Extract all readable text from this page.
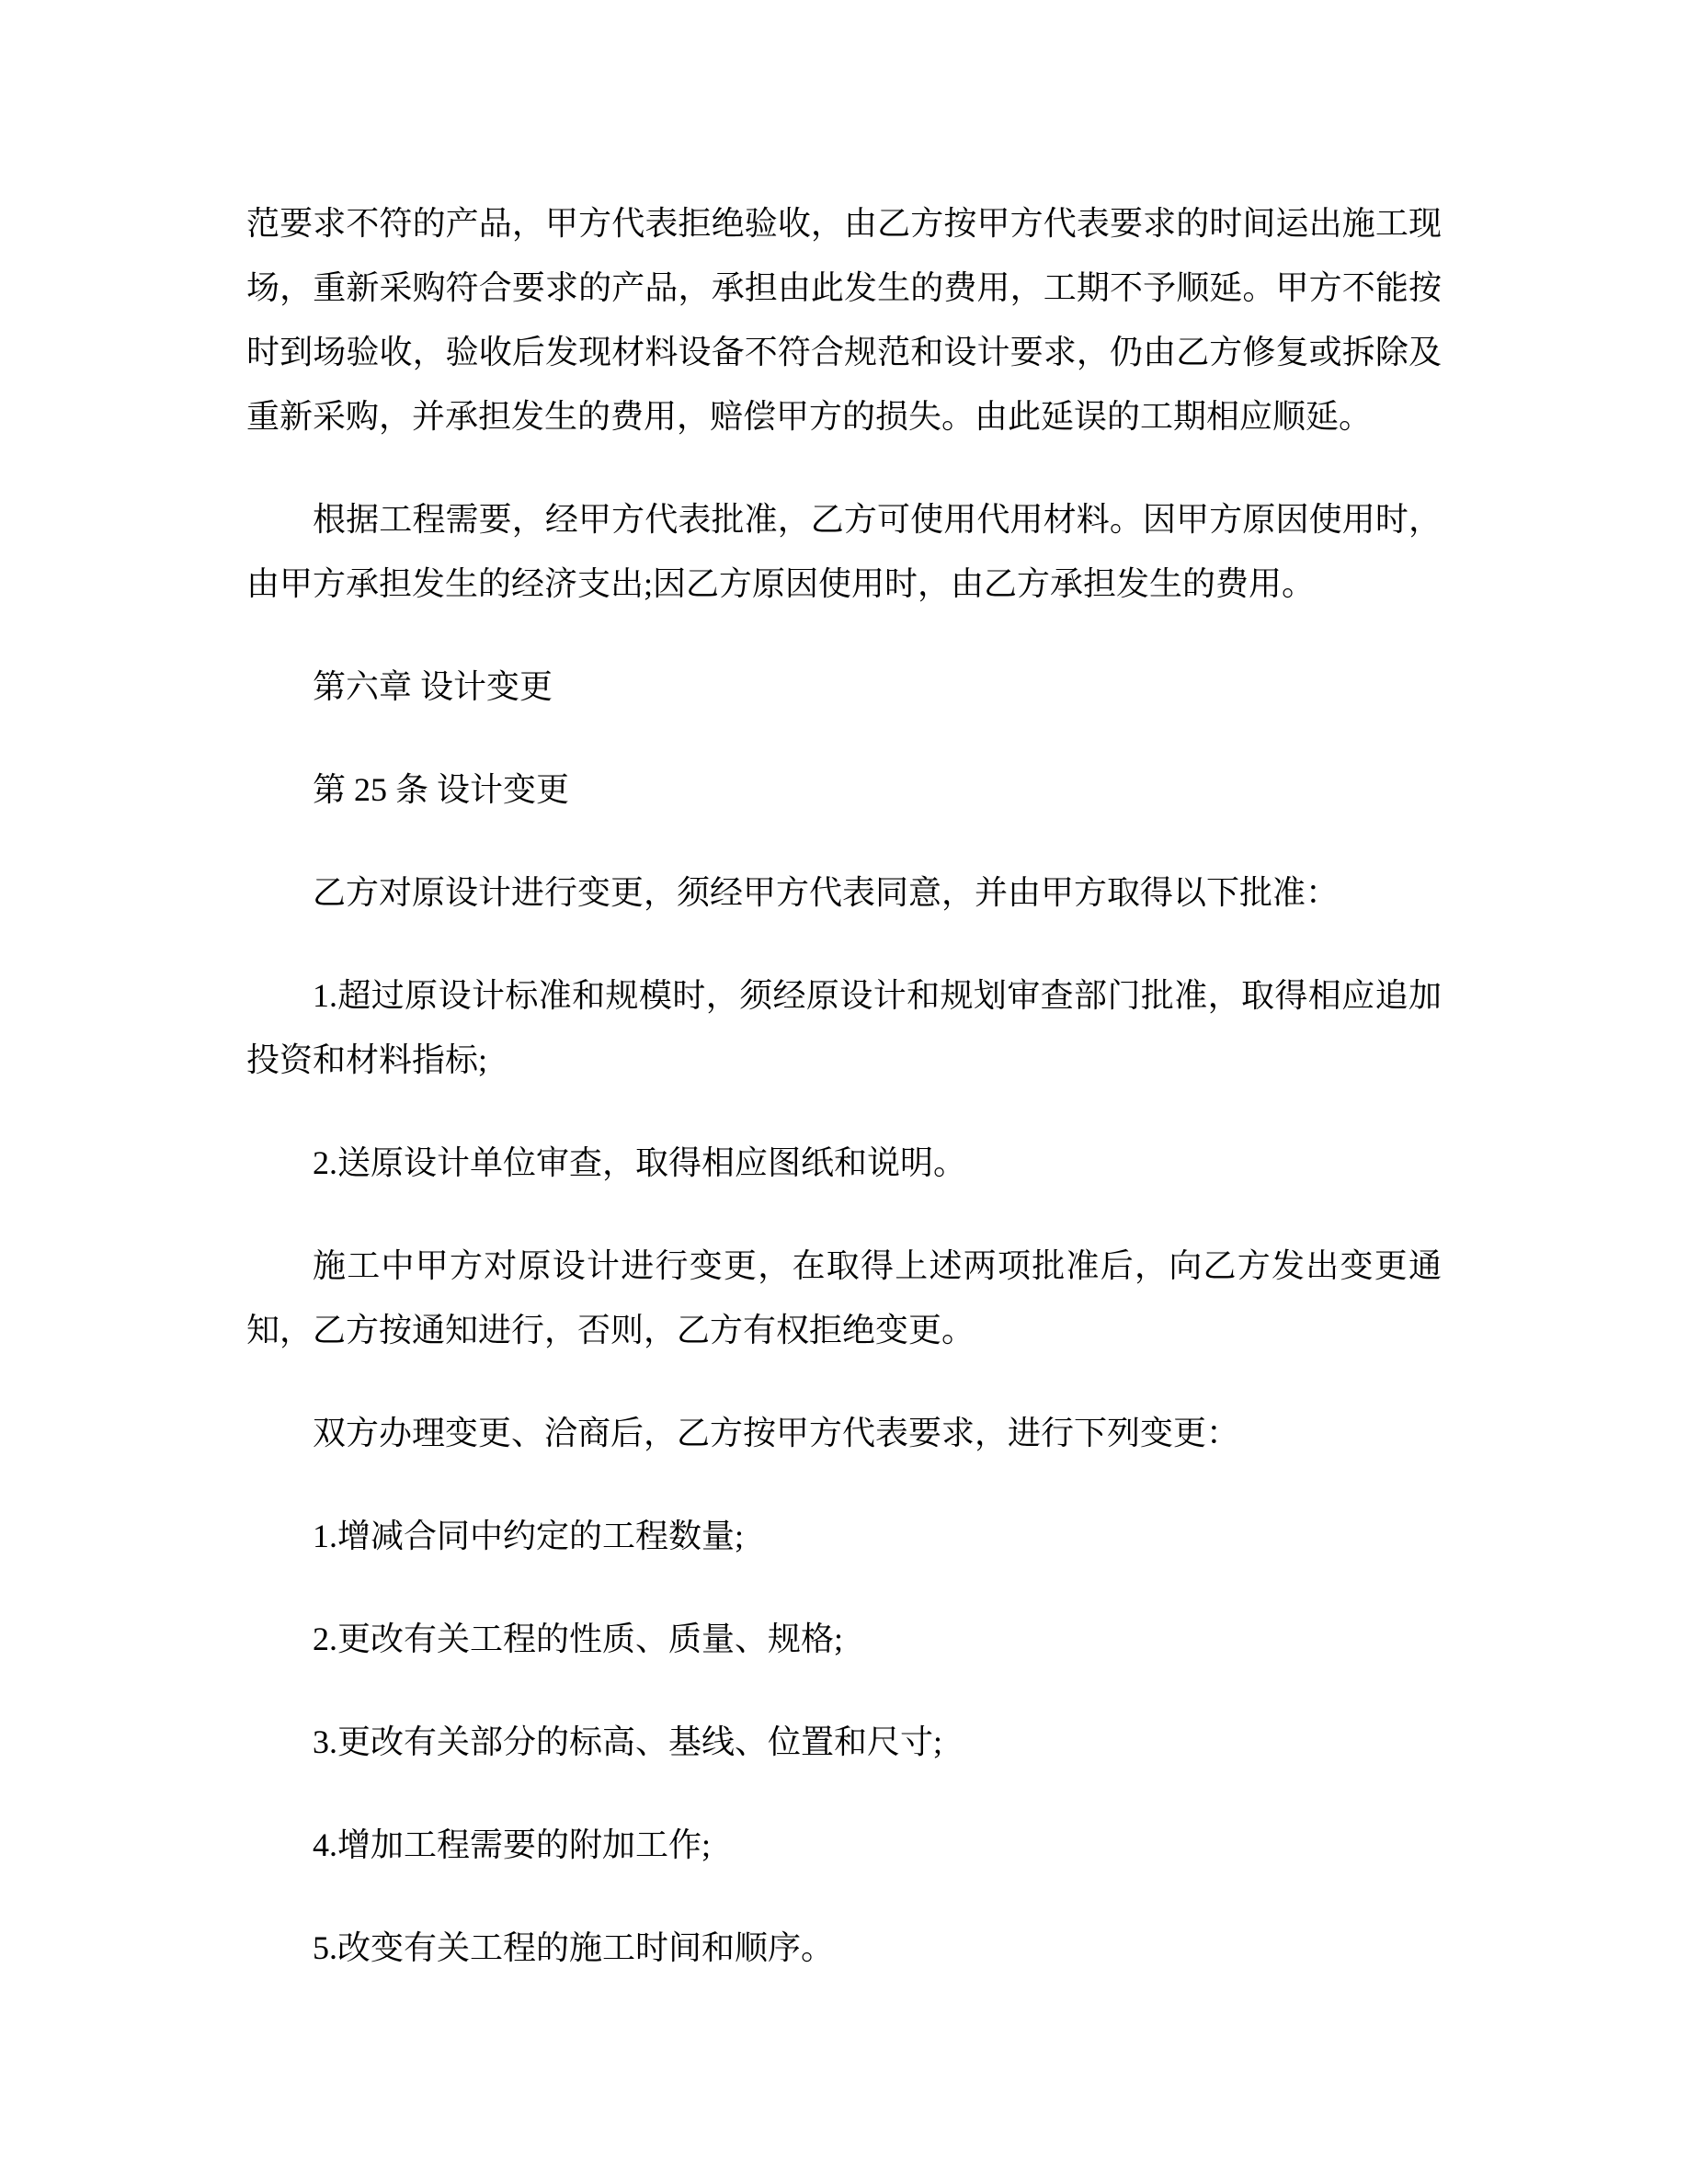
范要求不符的产品，甲方代表拒绝验收，由乙方按甲方代表要求的时间运出施工现场，重新采购符合要求的产品，承担由此发生的费用，工期不予顺延。甲方不能按时到场验收，验收后发现材料设备不符合规范和设计要求，仍由乙方修复或拆除及重新采购，并承担发生的费用，赔偿甲方的损失。由此延误的工期相应顺延。

根据工程需要，经甲方代表批准，乙方可使用代用材料。因甲方原因使用时，由甲方承担发生的经济支出;因乙方原因使用时，由乙方承担发生的费用。

第六章 设计变更

第 25 条 设计变更

乙方对原设计进行变更，须经甲方代表同意，并由甲方取得以下批准：

1.超过原设计标准和规模时，须经原设计和规划审查部门批准，取得相应追加投资和材料指标;

2.送原设计单位审查，取得相应图纸和说明。

施工中甲方对原设计进行变更，在取得上述两项批准后，向乙方发出变更通知，乙方按通知进行，否则，乙方有权拒绝变更。

双方办理变更、洽商后，乙方按甲方代表要求，进行下列变更：

1.增减合同中约定的工程数量;

2.更改有关工程的性质、质量、规格;

3.更改有关部分的标高、基线、位置和尺寸;

4.增加工程需要的附加工作;

5.改变有关工程的施工时间和顺序。
